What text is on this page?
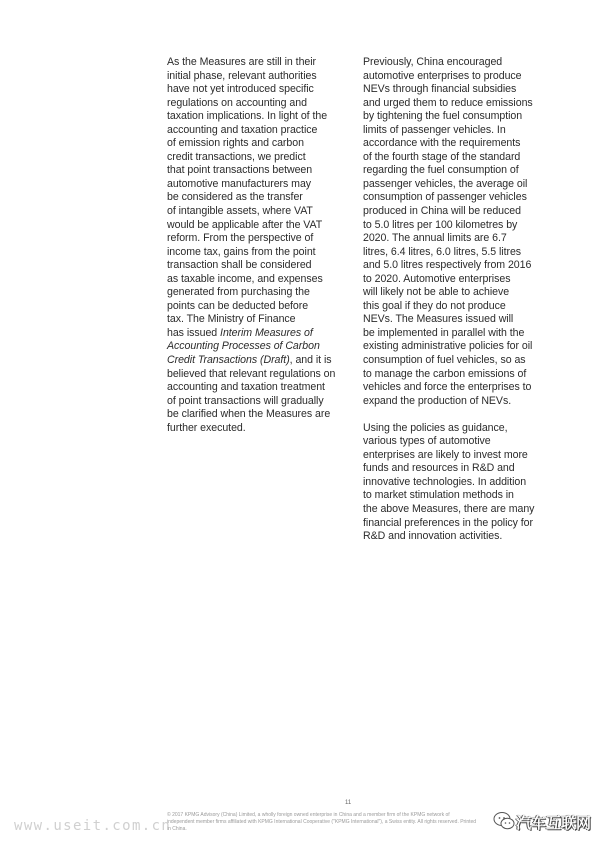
As the Measures are still in their
initial phase, relevant authorities
have not yet introduced specific
regulations on accounting and
taxation implications. In light of the
accounting and taxation practice
of emission rights and carbon
credit transactions, we predict
that point transactions between
automotive manufacturers may
be considered as the transfer
of intangible assets, where VAT
would be applicable after the VAT
reform. From the perspective of
income tax, gains from the point
transaction shall be considered
as taxable income, and expenses
generated from purchasing the
points can be deducted before
tax. The Ministry of Finance
has issued Interim Measures of
Accounting Processes of Carbon
Credit Transactions (Draft), and it is
believed that relevant regulations on
accounting and taxation treatment
of point transactions will gradually
be clarified when the Measures are
further executed.
Previously, China encouraged
automotive enterprises to produce
NEVs through financial subsidies
and urged them to reduce emissions
by tightening the fuel consumption
limits of passenger vehicles. In
accordance with the requirements
of the fourth stage of the standard
regarding the fuel consumption of
passenger vehicles, the average oil
consumption of passenger vehicles
produced in China will be reduced
to 5.0 litres per 100 kilometres by
2020. The annual limits are 6.7
litres, 6.4 litres, 6.0 litres, 5.5 litres
and 5.0 litres respectively from 2016
to 2020. Automotive enterprises
will likely not be able to achieve
this goal if they do not produce
NEVs. The Measures issued will
be implemented in parallel with the
existing administrative policies for oil
consumption of fuel vehicles, so as
to manage the carbon emissions of
vehicles and force the enterprises to
expand the production of NEVs.
Using the policies as guidance,
various types of automotive
enterprises are likely to invest more
funds and resources in R&D and
innovative technologies. In addition
to market stimulation methods in
the above Measures, there are many
financial preferences in the policy for
R&D and innovation activities.
11
© 2017 KPMG Advisory (China) Limited, a wholly foreign owned enterprise in China and a member firm of the KPMG network of
independent member firms affiliated with KPMG International Cooperative ("KPMG International"), a Swiss entity. All rights reserved. Printed
in China.
www.useit.com.cn	汽车互联网
